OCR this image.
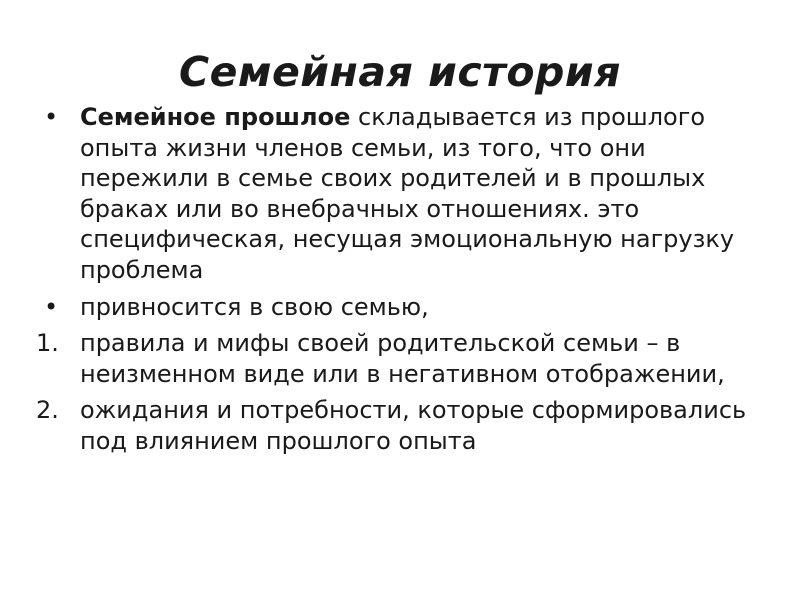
Семейная история
• Семейное прошлое складывается из прошлого опыта жизни членов семьи, из того, что они пережили в семье своих родителей и в прошлых браках или во внебрачных отношениях. это специфическая, несущая эмоциональную нагрузку проблема
• привносится в свою семью,
1. правила и мифы своей родительской семьи – в неизменном виде или в негативном отображении,
2. ожидания и потребности, которые сформировались под влиянием прошлого опыта
